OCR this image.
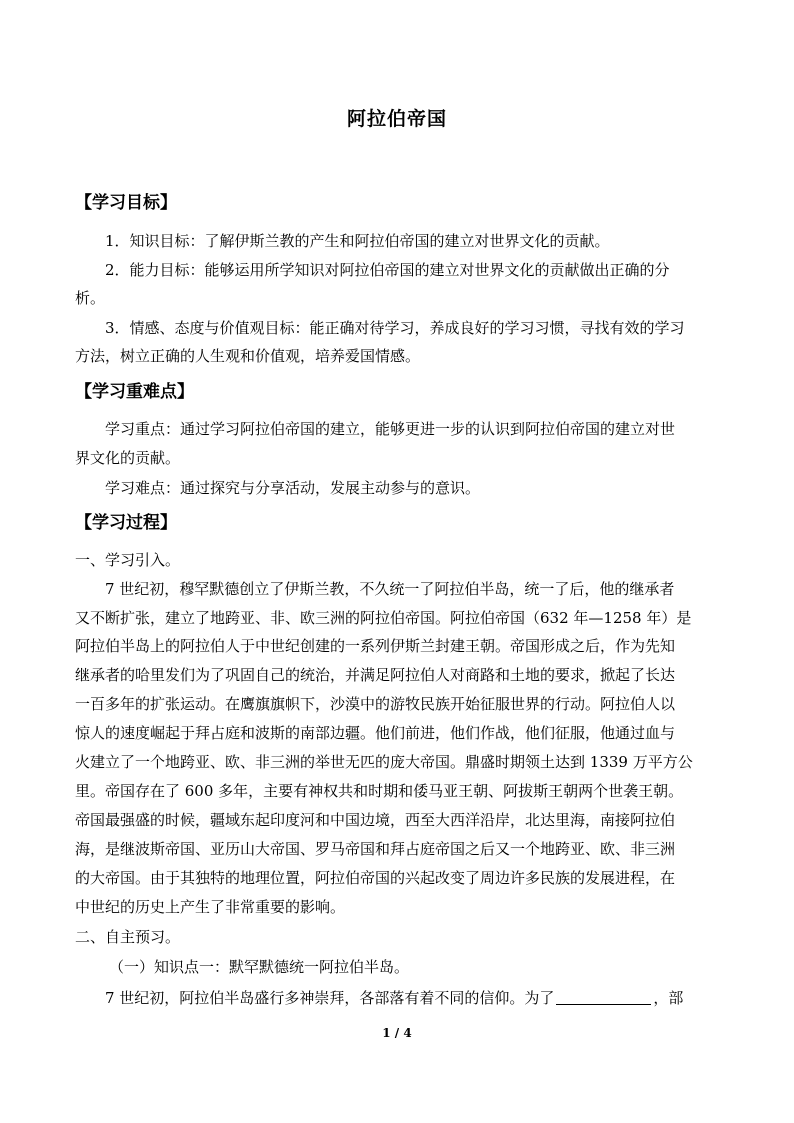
阿拉伯帝国
【学习目标】
1．知识目标：了解伊斯兰教的产生和阿拉伯帝国的建立对世界文化的贡献。
2．能力目标：能够运用所学知识对阿拉伯帝国的建立对世界文化的贡献做出正确的分
析。
3．情感、态度与价值观目标：能正确对待学习，养成良好的学习习惯，寻找有效的学习
方法，树立正确的人生观和价值观，培养爱国情感。
【学习重难点】
学习重点：通过学习阿拉伯帝国的建立，能够更进一步的认识到阿拉伯帝国的建立对世
界文化的贡献。
学习难点：通过探究与分享活动，发展主动参与的意识。
【学习过程】
一、学习引入。
7 世纪初，穆罕默德创立了伊斯兰教，不久统一了阿拉伯半岛，统一了后，他的继承者
又不断扩张，建立了地跨亚、非、欧三洲的阿拉伯帝国。阿拉伯帝国（632 年—1258 年）是
阿拉伯半岛上的阿拉伯人于中世纪创建的一系列伊斯兰封建王朝。帝国形成之后，作为先知
继承者的哈里发们为了巩固自己的统治，并满足阿拉伯人对商路和土地的要求，掀起了长达
一百多年的扩张运动。在鹰旗旗帜下，沙漠中的游牧民族开始征服世界的行动。阿拉伯人以
惊人的速度崛起于拜占庭和波斯的南部边疆。他们前进，他们作战，他们征服，他通过血与
火建立了一个地跨亚、欧、非三洲的举世无匹的庞大帝国。鼎盛时期领土达到 1339 万平方公
里。帝国存在了 600 多年，主要有神权共和时期和倭马亚王朝、阿拔斯王朝两个世袭王朝。
帝国最强盛的时候，疆域东起印度河和中国边境，西至大西洋沿岸，北达里海，南接阿拉伯
海，是继波斯帝国、亚历山大帝国、罗马帝国和拜占庭帝国之后又一个地跨亚、欧、非三洲
的大帝国。由于其独特的地理位置，阿拉伯帝国的兴起改变了周边许多民族的发展进程，在
中世纪的历史上产生了非常重要的影响。
二、自主预习。
（一）知识点一：默罕默德统一阿拉伯半岛。
7 世纪初，阿拉伯半岛盛行多神崇拜，各部落有着不同的信仰。为了	，部
1 / 4
